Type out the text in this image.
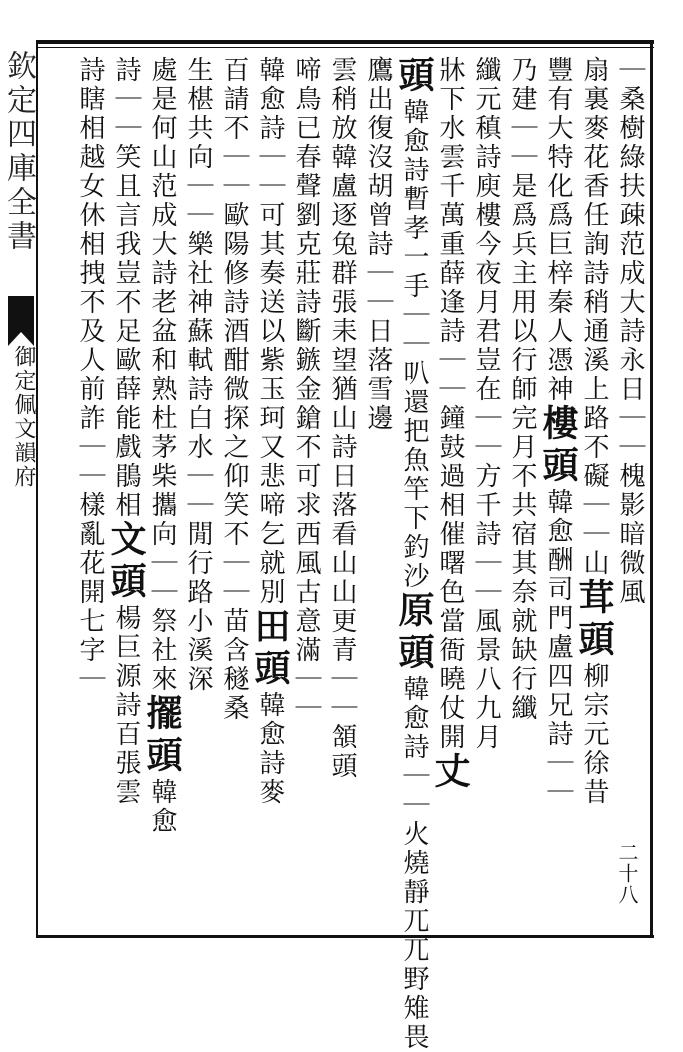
欽定四庫全書
御定佩文韻府
二十八
｜桑樹綠扶疎范成大詩永日｜｜槐影暗微風
扇裏麥花香任詢詩稍通溪上路不礙｜｜山茸頭柳宗元徐昔
豐有大特化爲巨梓秦人憑神樓頭韓愈酬司門盧四兄詩｜｜
乃建｜｜是爲兵主用以行師完月不共宿其奈就缺行纖
纖元稹詩庾樓今夜月君豈在｜｜方千詩｜｜風景八九月
牀下水雲千萬重薛逢詩｜｜鐘鼓過相催曙色當衙曉仗開丈
頭韓愈詩暫孝一手｜｜叭還把魚竿下釣沙原頭韓愈詩｜｜火燒靜兀兀野雉畏
鷹出復沒胡曾詩｜｜日落雪邊
雲稍放韓盧逐兔群張耒望猶山詩日落看山山更青｜｜頷頭
啼鳥已春聲劉克莊詩斷鏃金鎗不可求西風古意滿｜｜
韓愈詩｜｜可其奏送以紫玉珂又悲啼乞就別田頭韓愈詩麥
百請不｜｜歐陽修詩酒酣微探之仰笑不｜｜苗含穟桑
生椹共向｜｜樂社神蘇軾詩白水｜｜閒行路小溪深
處是何山范成大詩老盆和熟杜茅柴攜向｜｜祭社來擺頭韓愈
詩｜｜笑且言我豈不足歐薛能戲鵑相文頭楊巨源詩百張雲
詩瞎相越女休相拽不及人前詐｜｜樣亂花開七字｜
